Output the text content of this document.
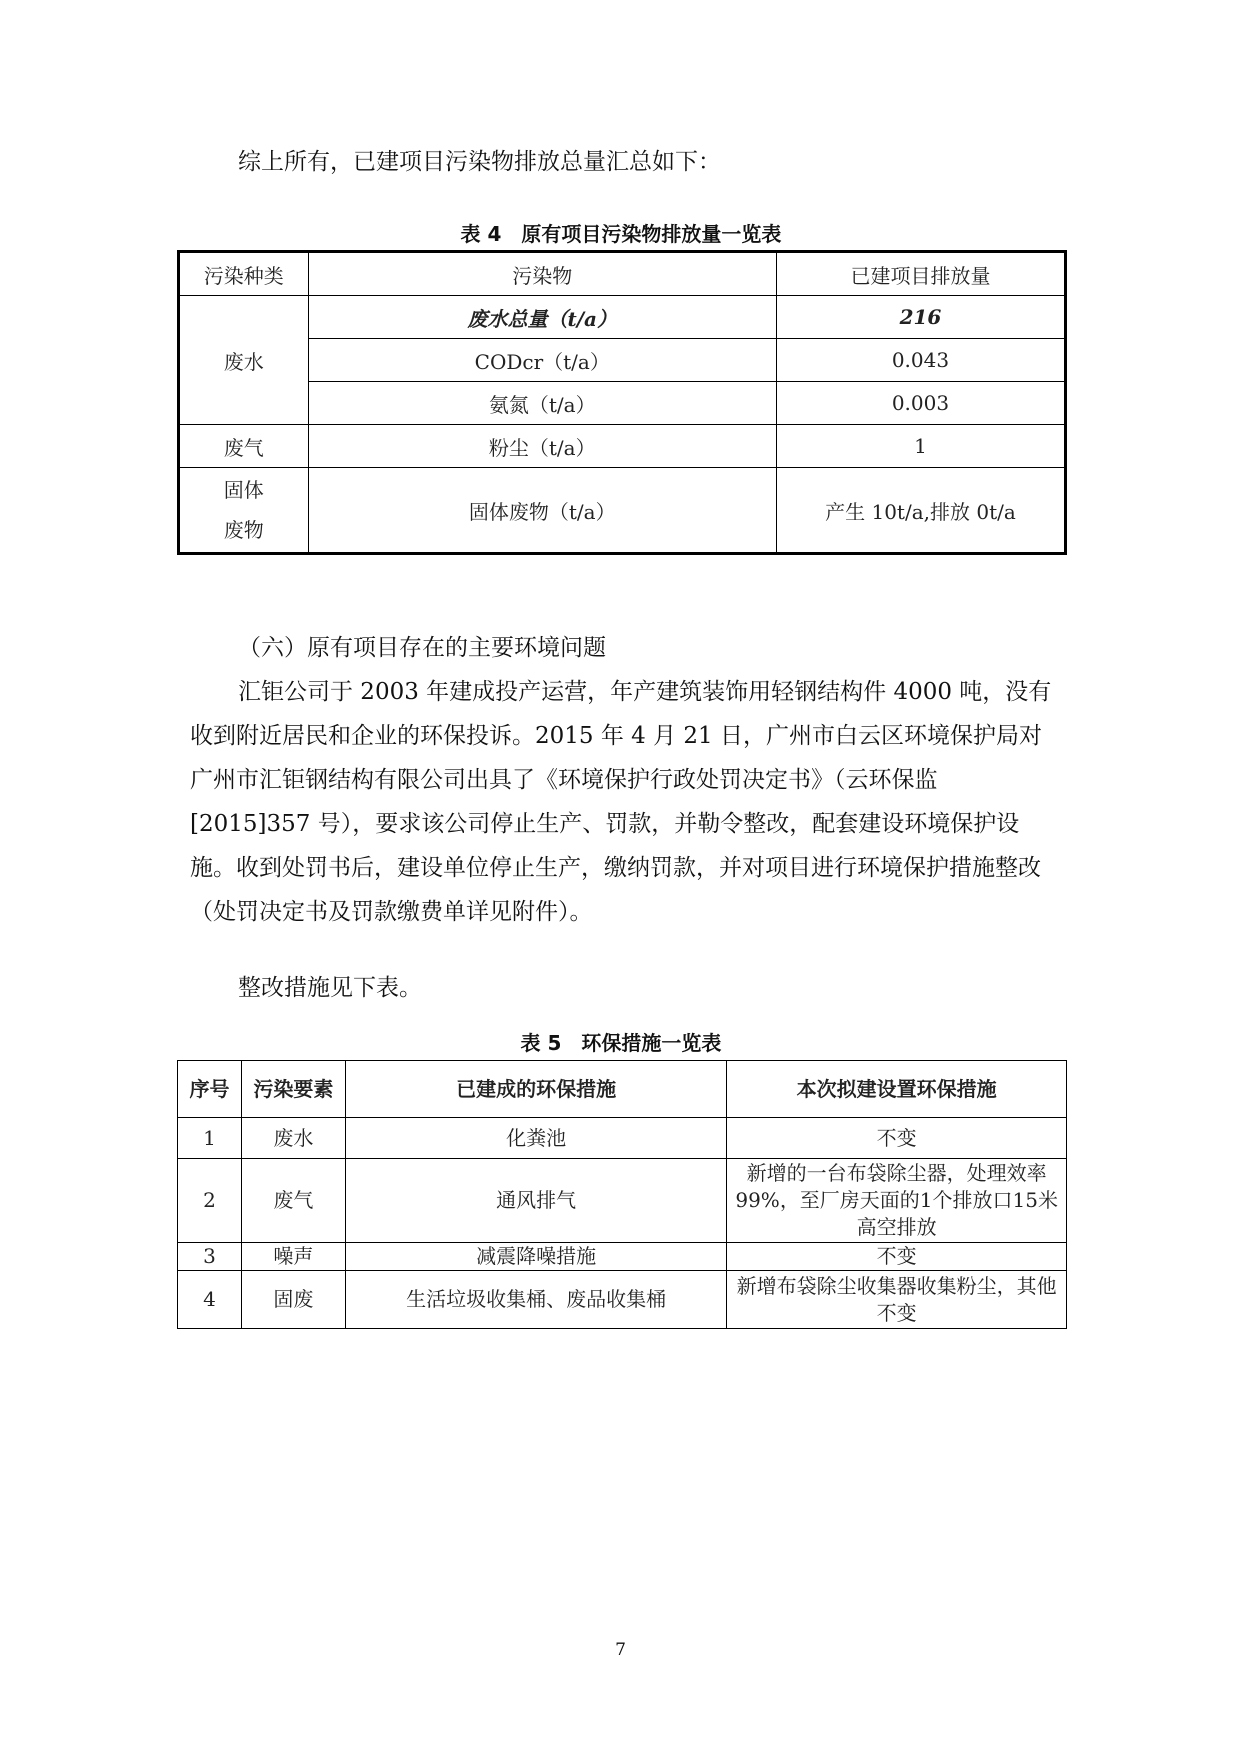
综上所有，已建项目污染物排放总量汇总如下：

表 4　原有项目污染物排放量一览表
污染种类	污染物	已建项目排放量
废水	废水总量（t/a）	216
	CODcr（t/a）	0.043
	氨氮（t/a）	0.003
废气	粉尘（t/a）	1
固体
废物	固体废物（t/a）	产生 10t/a,排放 0t/a

（六）原有项目存在的主要环境问题

汇钜公司于 2003 年建成投产运营，年产建筑装饰用轻钢结构件 4000 吨，没有收到附近居民和企业的环保投诉。2015 年 4 月 21 日，广州市白云区环境保护局对广州市汇钜钢结构有限公司出具了《环境保护行政处罚决定书》（云环保监[2015]357 号），要求该公司停止生产、罚款，并勒令整改，配套建设环境保护设施。收到处罚书后，建设单位停止生产，缴纳罚款，并对项目进行环境保护措施整改（处罚决定书及罚款缴费单详见附件）。

整改措施见下表。

表 5　环保措施一览表
序号	污染要素	已建成的环保措施	本次拟建设置环保措施
1	废水	化粪池	不变
2	废气	通风排气	新增的一台布袋除尘器，处理效率 99%，至厂房天面的1个排放口15米高空排放
3	噪声	减震降噪措施	不变
4	固废	生活垃圾收集桶、废品收集桶	新增布袋除尘收集器收集粉尘，其他不变
7
